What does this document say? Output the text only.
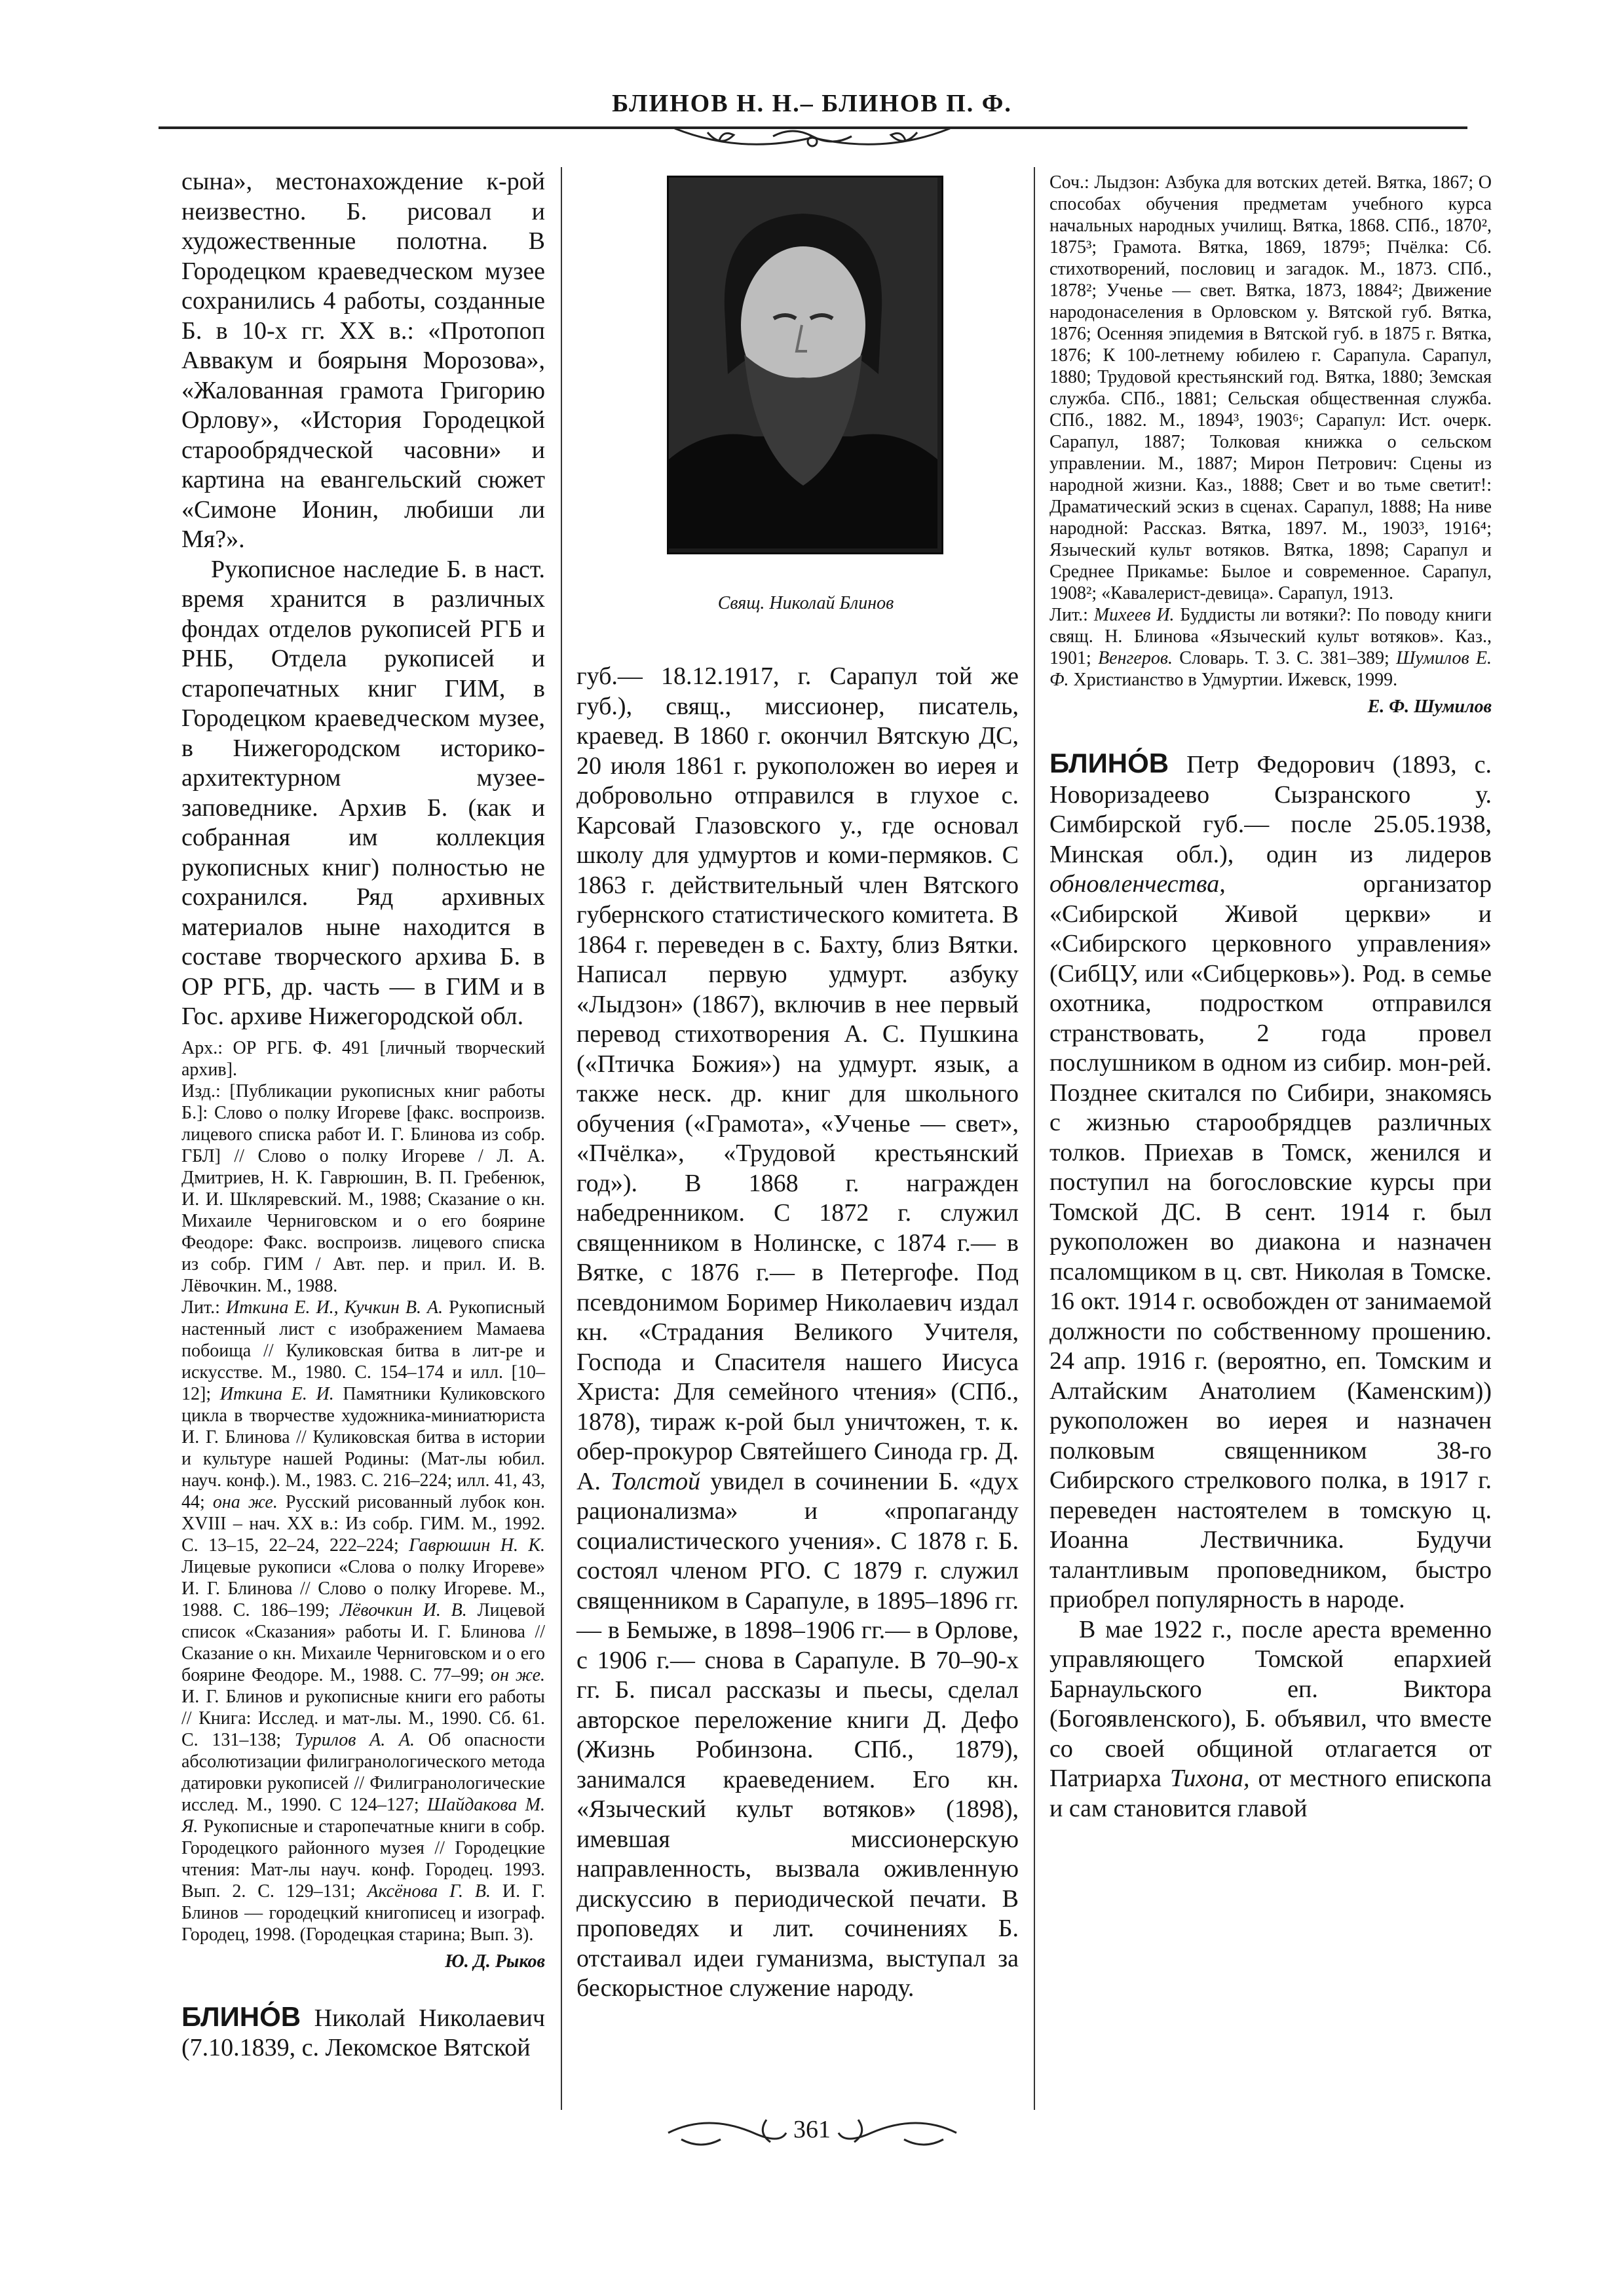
БЛИНОВ Н. Н.– БЛИНОВ П. Ф.

сына», местонахождение к-рой неизвестно. Б. рисовал и художественные полотна. В Городецком краеведческом музее сохранились 4 работы, созданные Б. в 10-х гг. XX в.: «Протопоп Аввакум и боярыня Морозова», «Жалованная грамота Григорию Орлову», «История Городецкой старообрядческой часовни» и картина на евангельский сюжет «Симоне Ионин, любиши ли Мя?».

Рукописное наследие Б. в наст. время хранится в различных фондах отделов рукописей РГБ и РНБ, Отдела рукописей и старопечатных книг ГИМ, в Городецком краеведческом музее, в Нижегородском историко-архитектурном музее-заповеднике. Архив Б. (как и собранная им коллекция рукописных книг) полностью не сохранился. Ряд архивных материалов ныне находится в составе творческого архива Б. в ОР РГБ, др. часть — в ГИМ и в Гос. архиве Нижегородской обл.

Арх.: ОР РГБ. Ф. 491 [личный творческий архив].

Изд.: [Публикации рукописных книг работы Б.]: Слово о полку Игореве [факс. воспроизв. лицевого списка работ И. Г. Блинова из собр. ГБЛ] // Слово о полку Игореве / Л. А. Дмитриев, Н. К. Гаврюшин, В. П. Гребенюк, И. И. Шкляревский. М., 1988; Сказание о кн. Михаиле Черниговском и о его боярине Феодоре: Факс. воспроизв. лицевого списка из собр. ГИМ / Авт. пер. и прил. И. В. Лёвочкин. М., 1988.

Лит.: Иткина Е. И., Кучкин В. А. Рукописный настенный лист с изображением Мамаева побоища // Куликовская битва в лит-ре и искусстве. М., 1980. С. 154–174 и илл. [10–12]; Иткина Е. И. Памятники Куликовского цикла в творчестве художника-миниатюриста И. Г. Блинова // Куликовская битва в истории и культуре нашей Родины: (Мат-лы юбил. науч. конф.). М., 1983. С. 216–224; илл. 41, 43, 44; она же. Русский рисованный лубок кон. XVIII – нач. XX в.: Из собр. ГИМ. М., 1992. С. 13–15, 22–24, 222–224; Гаврюшин Н. К. Лицевые рукописи «Слова о полку Игореве» И. Г. Блинова // Слово о полку Игореве. М., 1988. С. 186–199; Лёвочкин И. В. Лицевой список «Сказания» работы И. Г. Блинова // Сказание о кн. Михаиле Черниговском и о его боярине Феодоре. М., 1988. С. 77–99; он же. И. Г. Блинов и рукописные книги его работы // Книга: Исслед. и мат-лы. М., 1990. Сб. 61. С. 131–138; Турилов А. А. Об опасности абсолютизации филигранологического метода датировки рукописей // Филигранологические исслед. М., 1990. С 124–127; Шайдакова М. Я. Рукописные и старопечатные книги в собр. Городецкого районного музея // Городецкие чтения: Мат-лы науч. конф. Городец. 1993. Вып. 2. С. 129–131; Аксёнова Г. В. И. Г. Блинов — городецкий книгописец и изограф. Городец, 1998. (Городецкая старина; Вып. 3).

Ю. Д. Рыков

БЛИНО́В Николай Николаевич (7.10.1839, с. Лекомское Вятской

Свящ. Николай Блинов

губ.— 18.12.1917, г. Сарапул той же губ.), свящ., миссионер, писатель, краевед. В 1860 г. окончил Вятскую ДС, 20 июля 1861 г. рукоположен во иерея и добровольно отправился в глухое с. Карсовай Глазовского у., где основал школу для удмуртов и коми-пермяков. С 1863 г. действительный член Вятского губернского статистического комитета. В 1864 г. переведен в с. Бахту, близ Вятки. Написал первую удмурт. азбуку «Лыдзон» (1867), включив в нее первый перевод стихотворения А. С. Пушкина («Птичка Божия») на удмурт. язык, а также неск. др. книг для школьного обучения («Грамота», «Ученье — свет», «Пчёлка», «Трудовой крестьянский год»). В 1868 г. награжден набедренником. С 1872 г. служил священником в Нолинске, с 1874 г.— в Вятке, с 1876 г.— в Петергофе. Под псевдонимом Боример Николаевич издал кн. «Страдания Великого Учителя, Господа и Спасителя нашего Иисуса Христа: Для семейного чтения» (СПб., 1878), тираж к-рой был уничтожен, т. к. обер-прокурор Святейшего Синода гр. Д. А. Толстой увидел в сочинении Б. «дух рационализма» и «пропаганду социалистического учения». С 1878 г. Б. состоял членом РГО. С 1879 г. служил священником в Сарапуле, в 1895–1896 гг.— в Бемыже, в 1898–1906 гг.— в Орлове, с 1906 г.— снова в Сарапуле. В 70–90-х гг. Б. писал рассказы и пьесы, сделал авторское переложение книги Д. Дефо (Жизнь Робинзона. СПб., 1879), занимался краеведением. Его кн. «Языческий культ вотяков» (1898), имевшая миссионерскую направленность, вызвала оживленную дискуссию в периодической печати. В проповедях и лит. сочинениях Б. отстаивал идеи гуманизма, выступал за бескорыстное служение народу.

Соч.: Лыдзон: Азбука для вотских детей. Вятка, 1867; О способах обучения предметам учебного курса начальных народных училищ. Вятка, 1868. СПб., 1870², 1875³; Грамота. Вятка, 1869, 1879⁵; Пчёлка: Сб. стихотворений, пословиц и загадок. М., 1873. СПб., 1878²; Ученье — свет. Вятка, 1873, 1884²; Движение народонаселения в Орловском у. Вятской губ. Вятка, 1876; Осенняя эпидемия в Вятской губ. в 1875 г. Вятка, 1876; К 100-летнему юбилею г. Сарапула. Сарапул, 1880; Трудовой крестьянский год. Вятка, 1880; Земская служба. СПб., 1881; Сельская общественная служба. СПб., 1882. М., 1894³, 1903⁶; Сарапул: Ист. очерк. Сарапул, 1887; Толковая книжка о сельском управлении. М., 1887; Мирон Петрович: Сцены из народной жизни. Каз., 1888; Свет и во тьме светит!: Драматический эскиз в сценах. Сарапул, 1888; На ниве народной: Рассказ. Вятка, 1897. М., 1903³, 1916⁴; Языческий культ вотяков. Вятка, 1898; Сарапул и Среднее Прикамье: Былое и современное. Сарапул, 1908²; «Кавалерист-девица». Сарапул, 1913.

Лит.: Михеев И. Буддисты ли вотяки?: По поводу книги свящ. Н. Блинова «Языческий культ вотяков». Каз., 1901; Венгеров. Словарь. Т. 3. С. 381–389; Шумилов Е. Ф. Христианство в Удмуртии. Ижевск, 1999.

Е. Ф. Шумилов

БЛИНО́В Петр Федорович (1893, с. Новоризадеево Сызранского у. Симбирской губ.— после 25.05.1938, Минская обл.), один из лидеров обновленчества, организатор «Сибирской Живой церкви» и «Сибирского церковного управления» (СибЦУ, или «Сибцерковь»). Род. в семье охотника, подростком отправился странствовать, 2 года провел послушником в одном из сибир. мон-рей. Позднее скитался по Сибири, знакомясь с жизнью старообрядцев различных толков. Приехав в Томск, женился и поступил на богословские курсы при Томской ДС. В сент. 1914 г. был рукоположен во диакона и назначен псаломщиком в ц. свт. Николая в Томске. 16 окт. 1914 г. освобожден от занимаемой должности по собственному прошению. 24 апр. 1916 г. (вероятно, еп. Томским и Алтайским Анатолием (Каменским)) рукоположен во иерея и назначен полковым священником 38-го Сибирского стрелкового полка, в 1917 г. переведен настоятелем в томскую ц. Иоанна Лествичника. Будучи талантливым проповедником, быстро приобрел популярность в народе.

В мае 1922 г., после ареста временно управляющего Томской епархией Барнаульского еп. Виктора (Богоявленского), Б. объявил, что вместе со своей общиной отлагается от Патриарха Тихона, от местного епископа и сам становится главой

361
